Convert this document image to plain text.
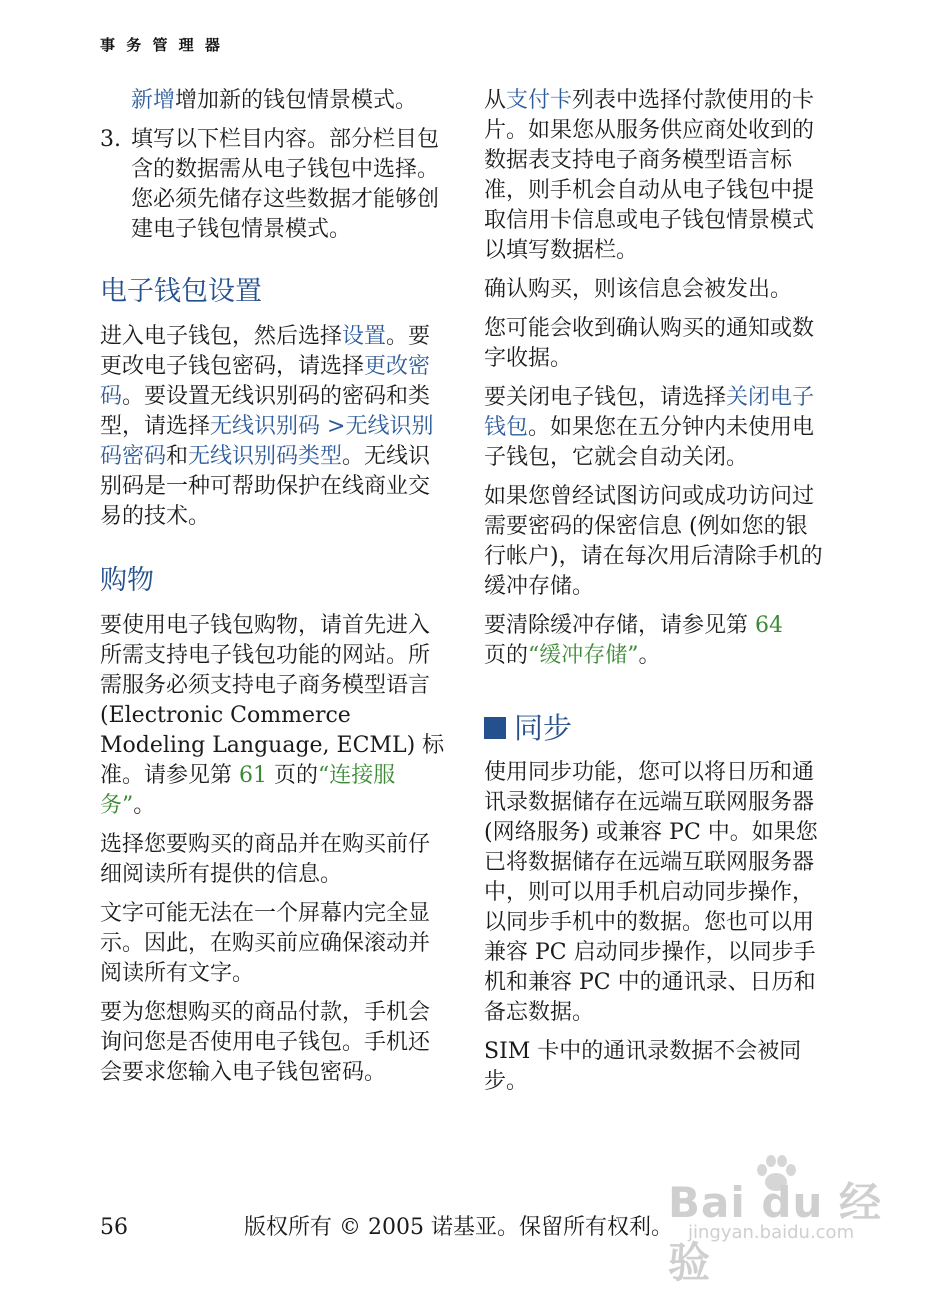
事 务 管 理 器

新增增加新的钱包情景模式。

3. 填写以下栏目内容。部分栏目包含的数据需从电子钱包中选择。您必须先储存这些数据才能够创建电子钱包情景模式。

电子钱包设置

进入电子钱包，然后选择设置。要更改电子钱包密码，请选择更改密码。要设置无线识别码的密码和类型，请选择无线识别码 >无线识别码密码和无线识别码类型。无线识别码是一种可帮助保护在线商业交易的技术。

购物

要使用电子钱包购物，请首先进入所需支持电子钱包功能的网站。所需服务必须支持电子商务模型语言 (Electronic Commerce Modeling Language, ECML) 标准。请参见第 61 页的“连接服务”。

选择您要购买的商品并在购买前仔细阅读所有提供的信息。

文字可能无法在一个屏幕内完全显示。因此，在购买前应确保滚动并阅读所有文字。

要为您想购买的商品付款，手机会询问您是否使用电子钱包。手机还会要求您输入电子钱包密码。

从支付卡列表中选择付款使用的卡片。如果您从服务供应商处收到的数据表支持电子商务模型语言标准，则手机会自动从电子钱包中提取信用卡信息或电子钱包情景模式以填写数据栏。

确认购买，则该信息会被发出。

您可能会收到确认购买的通知或数字收据。

要关闭电子钱包，请选择关闭电子钱包。如果您在五分钟内未使用电子钱包，它就会自动关闭。

如果您曾经试图访问或成功访问过需要密码的保密信息 (例如您的银行帐户)，请在每次用后清除手机的缓冲存储。

要清除缓冲存储，请参见第 64
页的“缓冲存储”。

同步

使用同步功能，您可以将日历和通讯录数据储存在远端互联网服务器 (网络服务) 或兼容 PC 中。如果您已将数据储存在远端互联网服务器中，则可以用手机启动同步操作，以同步手机中的数据。您也可以用兼容 PC 启动同步操作，以同步手机和兼容 PC 中的通讯录、日历和备忘数据。

SIM 卡中的通讯录数据不会被同步。

56	版权所有 © 2005 诺基亚。保留所有权利。
Bai du 经验
jingyan.baidu.com
